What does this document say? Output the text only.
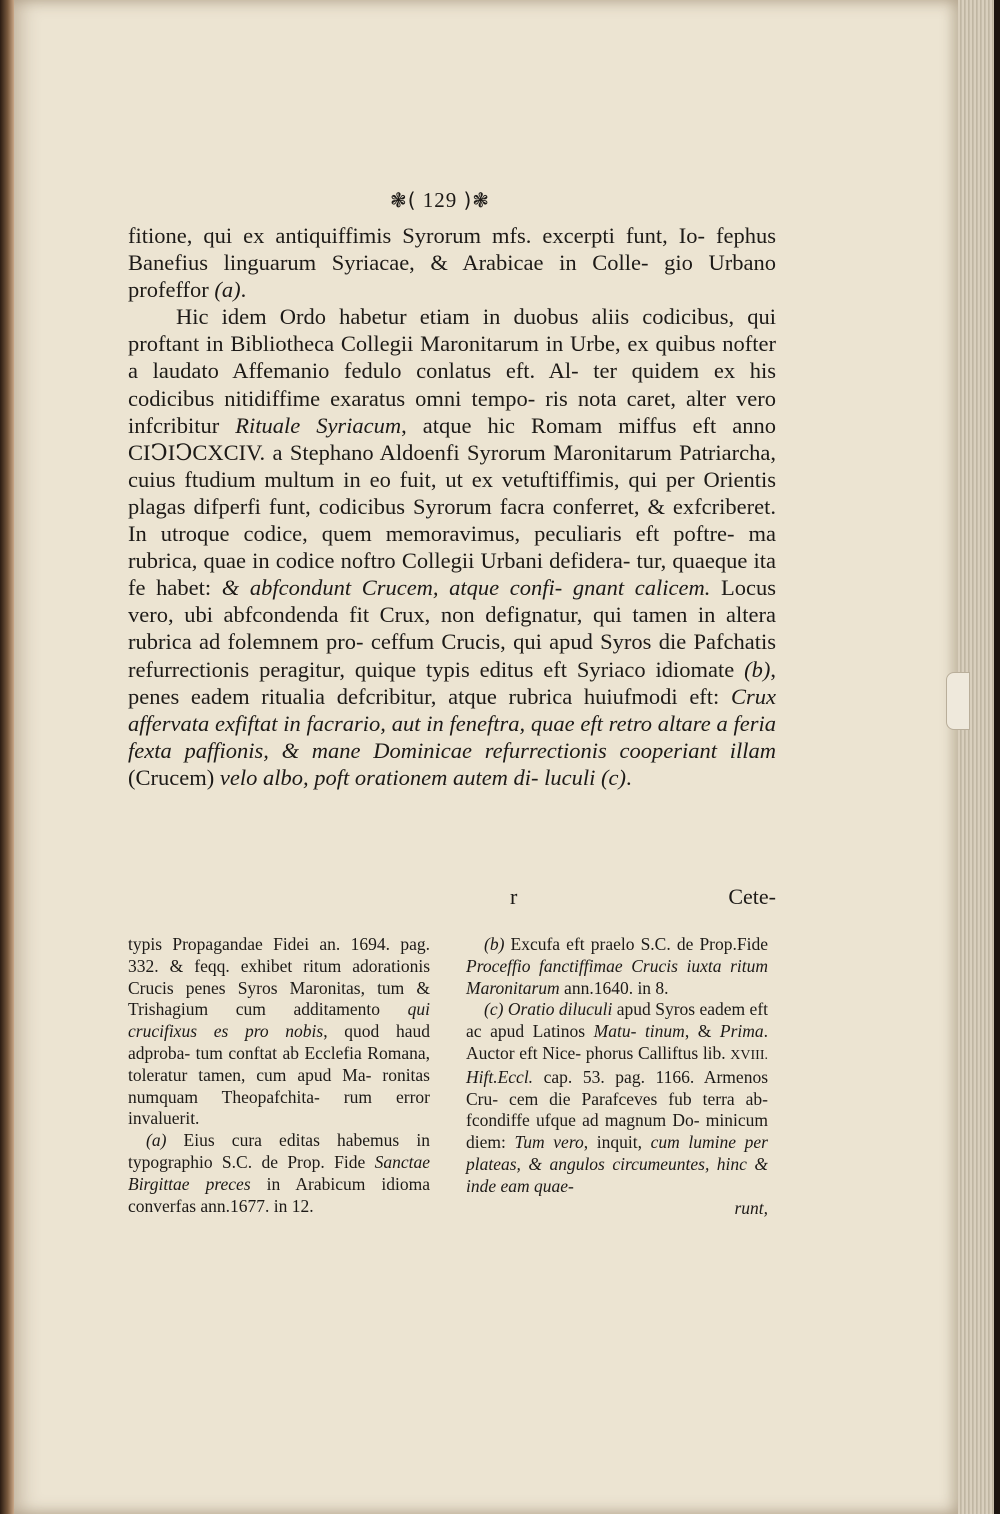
❃( 129 )❃

fitione, qui ex antiquiffimis Syrorum mfs. excerpti funt, Io- fephus Banefius linguarum Syriacae, & Arabicae in Colle- gio Urbano profeffor (a).

Hic idem Ordo habetur etiam in duobus aliis codicibus, qui proftant in Bibliotheca Collegii Maronitarum in Urbe, ex quibus nofter a laudato Affemanio fedulo conlatus eft. Al- ter quidem ex his codicibus nitidiffime exaratus omni tempo- ris nota caret, alter vero infcribitur Rituale Syriacum, atque hic Romam miffus eft anno CIↃIↃCXCIV. a Stephano Aldoenfi Syrorum Maronitarum Patriarcha, cuius ftudium multum in eo fuit, ut ex vetuftiffimis, qui per Orientis plagas difperfi funt, codicibus Syrorum facra conferret, & exfcriberet. In utroque codice, quem memoravimus, peculiaris eft poftre- ma rubrica, quae in codice noftro Collegii Urbani defidera- tur, quaeque ita fe habet: & abfcondunt Crucem, atque confi- gnant calicem. Locus vero, ubi abfcondenda fit Crux, non defignatur, qui tamen in altera rubrica ad folemnem pro- ceffum Crucis, qui apud Syros die Pafchatis refurrectionis peragitur, quique typis editus eft Syriaco idiomate (b), penes eadem ritualia defcribitur, atque rubrica huiufmodi eft: Crux affervata exfiftat in facrario, aut in feneftra, quae eft retro altare a feria fexta paffionis, & mane Dominicae refurrectionis cooperiant illam (Crucem) velo albo, poft orationem autem di- luculi (c).

r	Cete-

typis Propagandae Fidei an. 1694. pag. 332. & feqq. exhibet ritum adorationis Crucis penes Syros Maronitas, tum & Trishagium cum additamento qui crucifixus es pro nobis, quod haud adproba- tum conftat ab Ecclefia Romana, toleratur tamen, cum apud Ma- ronitas numquam Theopafchita- rum error invaluerit.

(a) Eius cura editas habemus in typographio S.C. de Prop. Fide Sanctae Birgittae preces in Arabicum idioma converfas ann.1677. in 12.

(b) Excufa eft praelo S.C. de Prop.Fide Proceffio fanctiffimae Crucis iuxta ritum Maronitarum ann.1640. in 8.

(c) Oratio diluculi apud Syros eadem eft ac apud Latinos Matu- tinum, & Prima. Auctor eft Nice- phorus Calliftus lib. XVIII. Hift.Eccl. cap. 53. pag. 1166. Armenos Cru- cem die Parafceves fub terra ab- fcondiffe ufque ad magnum Do- minicum diem: Tum vero, inquit, cum lumine per plateas, & angulos circumeuntes, hinc & inde eam quae-

runt,
